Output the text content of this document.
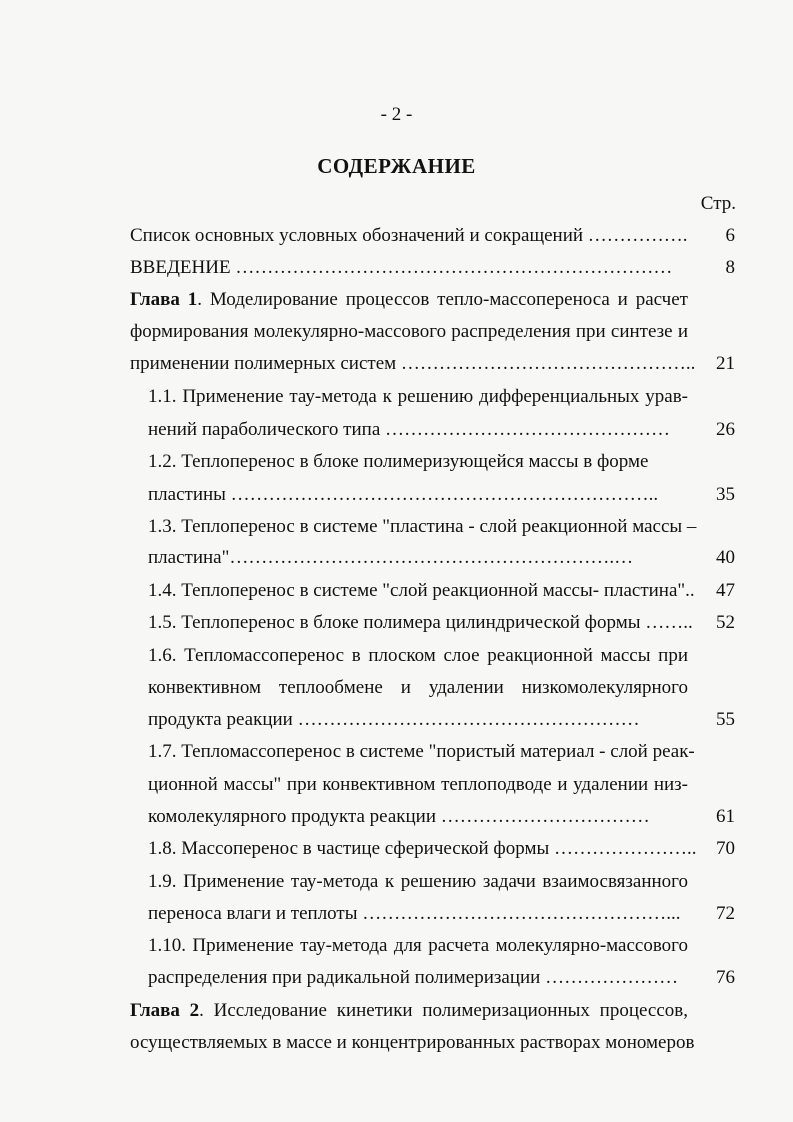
- 2 -
СОДЕРЖАНИЕ
Стр.
Список основных условных обозначений и сокращений …………….	6
ВВЕДЕНИЕ ……………………………………………………………	8
Глава 1. Моделирование процессов тепло-массопереноса и расчет
формирования молекулярно-массового распределения при синтезе и
применении полимерных систем ………………………………………..	21
1.1. Применение тау-метода к решению дифференциальных урав-
нений параболического типа ………………………………………	26
1.2. Теплоперенос в блоке полимеризующейся массы в форме
пластины …………………………………………………………..	35
1.3. Теплоперенос в системе "пластина - слой реакционной массы –
пластина"…………………………………………………….…	40
1.4. Теплоперенос в системе "слой реакционной массы- пластина"..	47
1.5. Теплоперенос в блоке полимера цилиндрической формы ……..	52
1.6. Тепломассоперенос в плоском слое реакционной массы при
конвективном теплообмене и удалении низкомолекулярного
продукта реакции ………………………………………………	55
1.7. Тепломассоперенос в системе "пористый материал - слой реак-
ционной массы" при конвективном теплоподводе и удалении низ-
комолекулярного продукта реакции ……………………………	61
1.8. Массоперенос в частице сферической формы …………………..	70
1.9. Применение тау-метода к решению задачи взаимосвязанного
переноса влаги и теплоты …………………………………………...	72
1.10. Применение тау-метода для расчета молекулярно-массового
распределения при радикальной полимеризации …………………	76
Глава 2. Исследование кинетики полимеризационных процессов,
осуществляемых в массе и концентрированных растворах мономеров
